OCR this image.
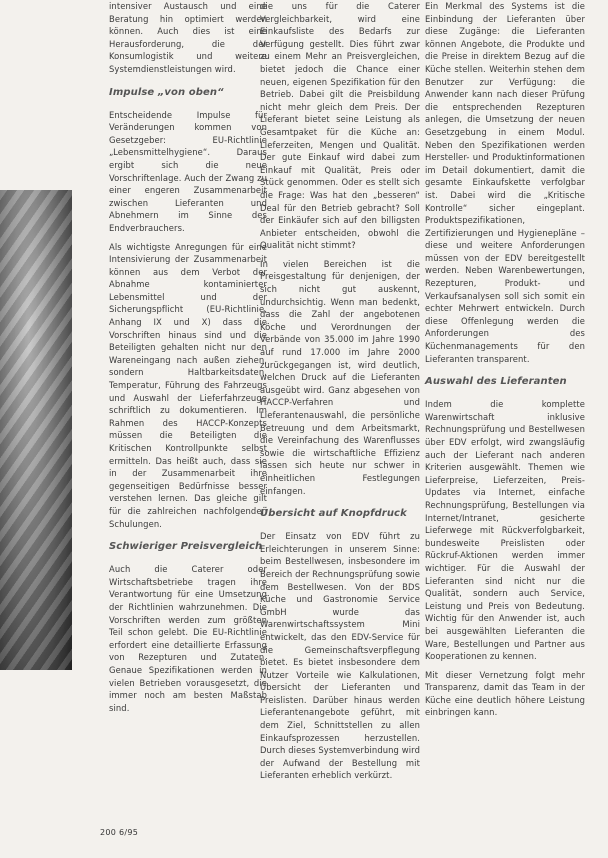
intensiver Austausch und eine Beratung hin optimiert werden können. Auch dies ist eine Herausforderung, die der Konsumlogistik und weitere Systemdienstleistungen wird.

Impulse „von oben“

Entscheidende Impulse für Veränderungen kommen von Gesetzgeber: EU-Richtlinie „Lebensmittelhygiene“. Daraus ergibt sich die neue Vorschriftenlage. Auch der Zwang zu einer engeren Zusammenarbeit zwischen Lieferanten und Abnehmern im Sinne des Endverbrauchers.

Als wichtigste Anregungen für eine Intensivierung der Zusammenarbeit können aus dem Verbot der Abnahme kontaminierter Lebensmittel und der Sicherungspflicht (EU-Richtlinie, Anhang IX und X) dass die Vorschriften hinaus sind und die Beteiligten gehalten nicht nur den Wareneingang nach außen ziehen, sondern Haltbarkeitsdaten, Temperatur, Führung des Fahrzeugs und Auswahl der Lieferfahrzeuge schriftlich zu dokumentieren. Im Rahmen des HACCP-Konzepts müssen die Beteiligten die Kritischen Kontrollpunkte selbst ermitteln. Das heißt auch, dass sie in der Zusammenarbeit ihre gegenseitigen Bedürfnisse besser verstehen lernen. Das gleiche gilt für die zahlreichen nachfolgenden Schulungen.

Schwieriger Preisvergleich

Auch die Caterer oder Wirtschaftsbetriebe tragen ihre Verantwortung für eine Umsetzung der Richtlinien wahrzunehmen. Die Vorschriften werden zum größten Teil schon gelebt. Die EU-Richtlinie erfordert eine detaillierte Erfassung von Rezepturen und Zutaten. Genaue Spezifikationen werden in vielen Betrieben vorausgesetzt, die immer noch am besten Maßstab sind.

die uns für die Caterer Vergleichbarkeit, wird eine Einkaufsliste des Bedarfs zur Verfügung gestellt. Dies führt zwar zu einem Mehr an Preisvergleichen, bietet jedoch die Chance einer neuen, eigenen Spezifikation für den Betrieb. Dabei gilt die Preisbildung nicht mehr gleich dem Preis. Der Lieferant bietet seine Leistung als Gesamtpaket für die Küche an: Lieferzeiten, Mengen und Qualität. Der gute Einkauf wird dabei zum Einkauf mit Qualität, Preis oder Stück genommen. Oder es stellt sich die Frage: Was hat den „besseren“ Deal für den Betrieb gebracht? Soll der Einkäufer sich auf den billigsten Anbieter entscheiden, obwohl die Qualität nicht stimmt?

In vielen Bereichen ist die Preisgestaltung für denjenigen, der sich nicht gut auskennt, undurchsichtig. Wenn man bedenkt, dass die Zahl der angebotenen Köche und Verordnungen der Verbände von 35.000 im Jahre 1990 auf rund 17.000 im Jahre 2000 zurückgegangen ist, wird deutlich, welchen Druck auf die Lieferanten ausgeübt wird. Ganz abgesehen von HACCP-Verfahren und Lieferantenauswahl, die persönliche Betreuung und dem Arbeitsmarkt, die Vereinfachung des Warenflusses sowie die wirtschaftliche Effizienz lassen sich heute nur schwer in einheitlichen Festlegungen einfangen.

Übersicht auf Knopfdruck

Der Einsatz von EDV führt zu Erleichterungen in unserem Sinne: beim Bestellwesen, insbesondere im Bereich der Rechnungsprüfung sowie dem Bestellwesen. Von der BDS Küche und Gastronomie Service GmbH wurde das Warenwirtschaftssystem Mini entwickelt, das den EDV-Service für die Gemeinschaftsverpflegung bietet. Es bietet insbesondere dem Nutzer Vorteile wie Kalkulationen, Übersicht der Lieferanten und Preislisten. Darüber hinaus werden Lieferantenangebote geführt, mit dem Ziel, Schnittstellen zu allen Einkaufsprozessen herzustellen. Durch dieses Systemverbindung wird der Aufwand der Bestellung mit Lieferanten erheblich verkürzt.

Ein Merkmal des Systems ist die Einbindung der Lieferanten über diese Zugänge: die Lieferanten können Angebote, die Produkte und die Preise in direktem Bezug auf die Küche stellen. Weiterhin stehen dem Benutzer zur Verfügung: die Anwender kann nach dieser Prüfung die entsprechenden Rezepturen anlegen, die Umsetzung der neuen Gesetzgebung in einem Modul. Neben den Spezifikationen werden Hersteller- und Produktinformationen im Detail dokumentiert, damit die gesamte Einkaufskette verfolgbar ist. Dabei wird die „Kritische Kontrolle“ sicher eingeplant. Produktspezifikationen, Zertifizierungen und Hygienepläne – diese und weitere Anforderungen müssen von der EDV bereitgestellt werden. Neben Warenbewertungen, Rezepturen, Produkt- und Verkaufsanalysen soll sich somit ein echter Mehrwert entwickeln. Durch diese Offenlegung werden die Anforderungen des Küchenmanagements für den Lieferanten transparent.

Auswahl des Lieferanten

Indem die komplette Warenwirtschaft inklusive Rechnungsprüfung und Bestellwesen über EDV erfolgt, wird zwangsläufig auch der Lieferant nach anderen Kriterien ausgewählt. Themen wie Lieferpreise, Lieferzeiten, Preis-Updates via Internet, einfache Rechnungsprüfung, Bestellungen via Internet/Intranet, gesicherte Lieferwege mit Rückverfolgbarkeit, bundesweite Preislisten oder Rückruf-Aktionen werden immer wichtiger. Für die Auswahl der Lieferanten sind nicht nur die Qualität, sondern auch Service, Leistung und Preis von Bedeutung. Wichtig für den Anwender ist, auch bei ausgewählten Lieferanten die Ware, Bestellungen und Partner aus Kooperationen zu kennen.

Mit dieser Vernetzung folgt mehr Transparenz, damit das Team in der Küche eine deutlich höhere Leistung einbringen kann.

200 6/95
